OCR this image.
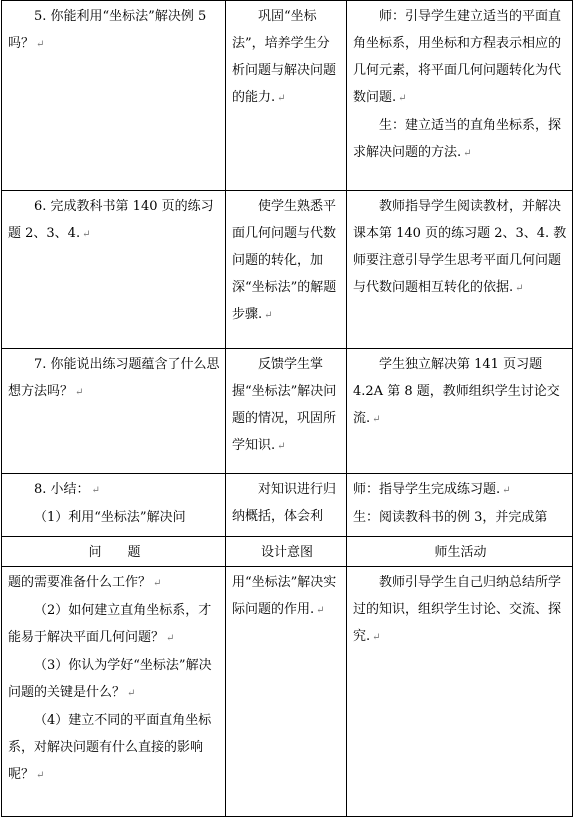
5. 你能利用“坐标法”解决例 5 吗？ ↵	巩固“坐标法”，培养学生分析问题与解决问题的能力. ↵	师：引导学生建立适当的平面直角坐标系，用坐标和方程表示相应的几何元素，将平面几何问题转化为代数问题. ↵
生：建立适当的直角坐标系，探求解决问题的方法. ↵

6. 完成教科书第 140 页的练习题 2、3、4. ↵	使学生熟悉平面几何问题与代数问题的转化，加深“坐标法”的解题步骤. ↵	教师指导学生阅读教材，并解决课本第 140 页的练习题 2、3、4. 教师要注意引导学生思考平面几何问题与代数问题相互转化的依据. ↵

7. 你能说出练习题蕴含了什么思想方法吗？ ↵	反馈学生掌握“坐标法”解决问题的情况，巩固所学知识. ↵	学生独立解决第 141 页习题 4.2A 第 8 题，教师组织学生讨论交流. ↵

8. 小结： ↵
（1）利用“坐标法”解决问	对知识进行归纳概括，体会利	师：指导学生完成练习题. ↵
生：阅读教科书的例 3，并完成第

问　　题	设计意图	师生活动

题的需要准备什么工作？ ↵
（2）如何建立直角坐标系，才能易于解决平面几何问题？ ↵
（3）你认为学好“坐标法”解决问题的关键是什么？ ↵
（4）建立不同的平面直角坐标系，对解决问题有什么直接的影响呢？ ↵	用“坐标法”解决实际问题的作用. ↵	教师引导学生自己归纳总结所学过的知识，组织学生讨论、交流、探究. ↵
